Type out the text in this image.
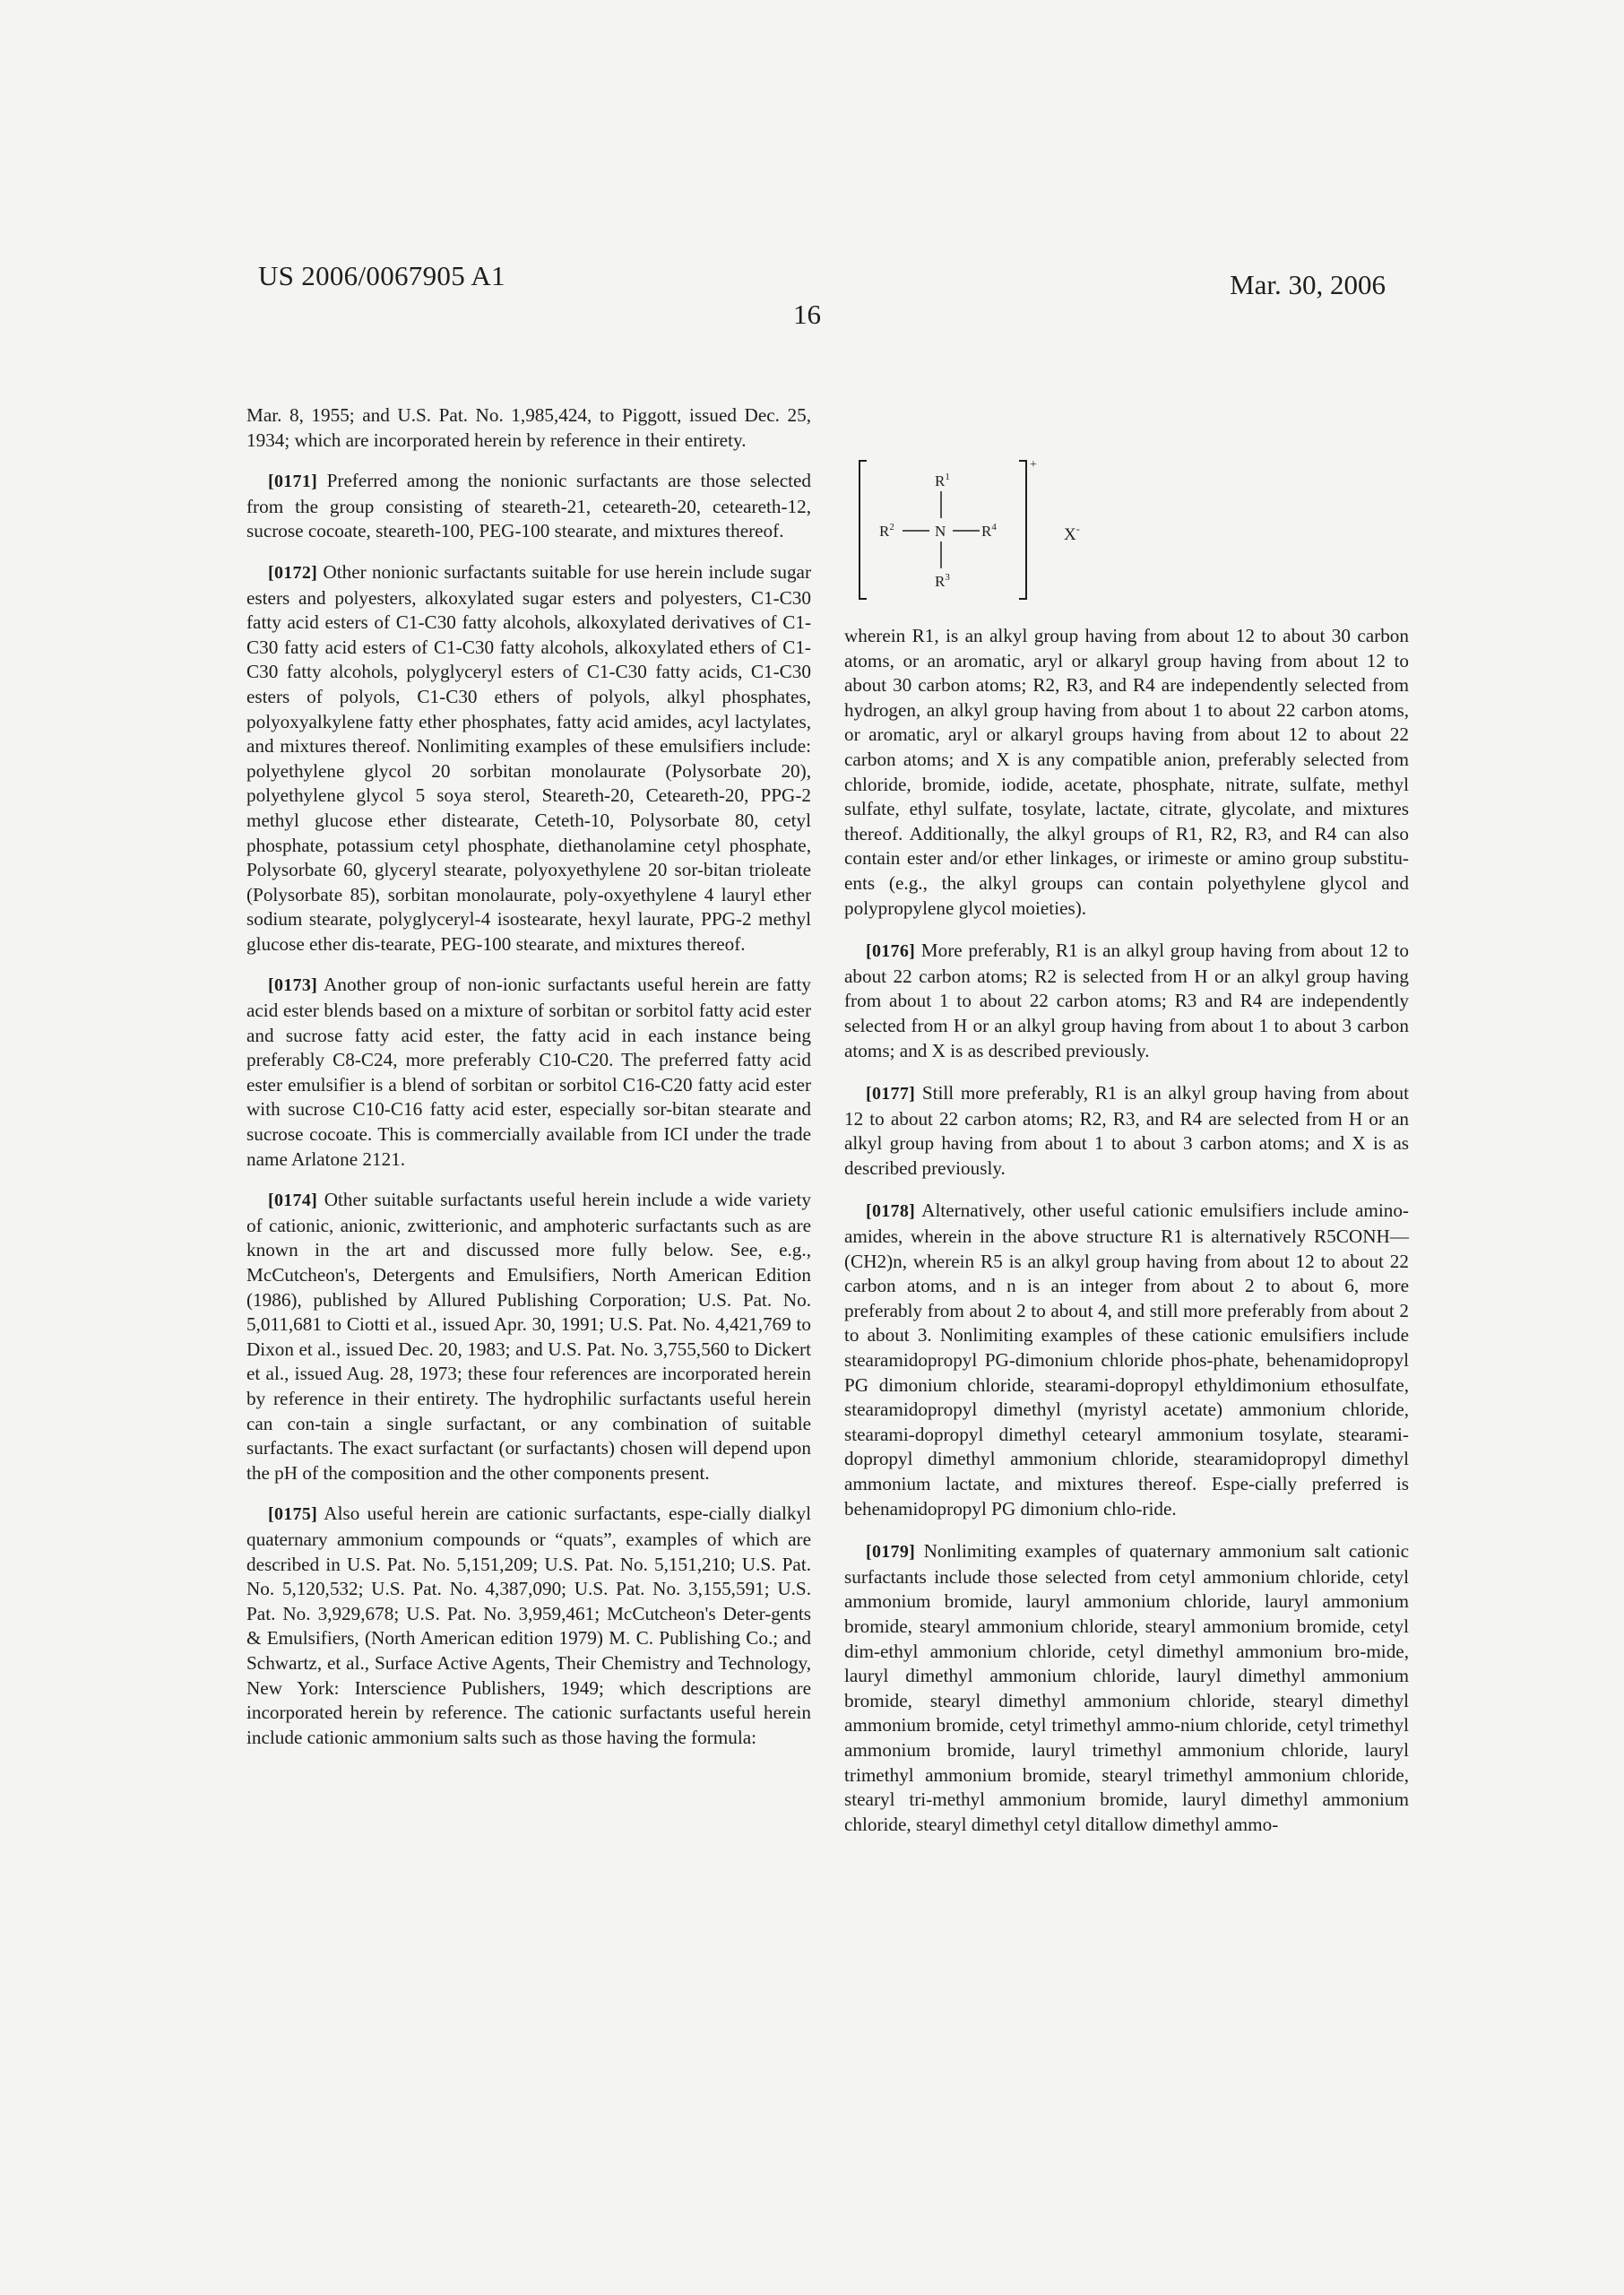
US 2006/0067905 A1	Mar. 30, 2006
16

Mar. 8, 1955; and U.S. Pat. No. 1,985,424, to Piggott, issued Dec. 25, 1934; which are incorporated herein by reference in their entirety.

[0171] Preferred among the nonionic surfactants are those selected from the group consisting of steareth-21, ceteareth-20, ceteareth-12, sucrose cocoate, steareth-100, PEG-100 stearate, and mixtures thereof.

[0172] Other nonionic surfactants suitable for use herein include sugar esters and polyesters, alkoxylated sugar esters and polyesters, C1-C30 fatty acid esters of C1-C30 fatty alcohols, alkoxylated derivatives of C1-C30 fatty acid esters of C1-C30 fatty alcohols, alkoxylated ethers of C1-C30 fatty alcohols, polyglyceryl esters of C1-C30 fatty acids, C1-C30 esters of polyols, C1-C30 ethers of polyols, alkyl phosphates, polyoxyalkylene fatty ether phosphates, fatty acid amides, acyl lactylates, and mixtures thereof. Nonlimiting examples of these emulsifiers include: polyethylene glycol 20 sorbitan monolaurate (Polysorbate 20), polyethylene glycol 5 soya sterol, Steareth-20, Ceteareth-20, PPG-2 methyl glucose ether distearate, Ceteth-10, Polysorbate 80, cetyl phosphate, potassium cetyl phosphate, diethanolamine cetyl phosphate, Polysorbate 60, glyceryl stearate, polyoxyethylene 20 sor-bitan trioleate (Polysorbate 85), sorbitan monolaurate, poly-oxyethylene 4 lauryl ether sodium stearate, polyglyceryl-4 isostearate, hexyl laurate, PPG-2 methyl glucose ether dis-tearate, PEG-100 stearate, and mixtures thereof.

[0173] Another group of non-ionic surfactants useful herein are fatty acid ester blends based on a mixture of sorbitan or sorbitol fatty acid ester and sucrose fatty acid ester, the fatty acid in each instance being preferably C8-C24, more preferably C10-C20. The preferred fatty acid ester emulsifier is a blend of sorbitan or sorbitol C16-C20 fatty acid ester with sucrose C10-C16 fatty acid ester, especially sor-bitan stearate and sucrose cocoate. This is commercially available from ICI under the trade name Arlatone 2121.

[0174] Other suitable surfactants useful herein include a wide variety of cationic, anionic, zwitterionic, and amphoteric surfactants such as are known in the art and discussed more fully below. See, e.g., McCutcheon's, Detergents and Emulsifiers, North American Edition (1986), published by Allured Publishing Corporation; U.S. Pat. No. 5,011,681 to Ciotti et al., issued Apr. 30, 1991; U.S. Pat. No. 4,421,769 to Dixon et al., issued Dec. 20, 1983; and U.S. Pat. No. 3,755,560 to Dickert et al., issued Aug. 28, 1973; these four references are incorporated herein by reference in their entirety. The hydrophilic surfactants useful herein can con-tain a single surfactant, or any combination of suitable surfactants. The exact surfactant (or surfactants) chosen will depend upon the pH of the composition and the other components present.

[0175] Also useful herein are cationic surfactants, espe-cially dialkyl quaternary ammonium compounds or “quats”, examples of which are described in U.S. Pat. No. 5,151,209; U.S. Pat. No. 5,151,210; U.S. Pat. No. 5,120,532; U.S. Pat. No. 4,387,090; U.S. Pat. No. 3,155,591; U.S. Pat. No. 3,929,678; U.S. Pat. No. 3,959,461; McCutcheon's Deter-gents & Emulsifiers, (North American edition 1979) M. C. Publishing Co.; and Schwartz, et al., Surface Active Agents, Their Chemistry and Technology, New York: Interscience Publishers, 1949; which descriptions are incorporated herein by reference. The cationic surfactants useful herein include cationic ammonium salts such as those having the formula:

$R^1$
$R^2$	N $R^4$
$R^3$
+
X-

wherein R1, is an alkyl group having from about 12 to about 30 carbon atoms, or an aromatic, aryl or alkaryl group having from about 12 to about 30 carbon atoms; R2, R3, and R4 are independently selected from hydrogen, an alkyl group having from about 1 to about 22 carbon atoms, or aromatic, aryl or alkaryl groups having from about 12 to about 22 carbon atoms; and X is any compatible anion, preferably selected from chloride, bromide, iodide, acetate, phosphate, nitrate, sulfate, methyl sulfate, ethyl sulfate, tosylate, lactate, citrate, glycolate, and mixtures thereof. Additionally, the alkyl groups of R1, R2, R3, and R4 can also contain ester and/or ether linkages, or irimeste or amino group substitu-ents (e.g., the alkyl groups can contain polyethylene glycol and polypropylene glycol moieties).

[0176] More preferably, R1 is an alkyl group having from about 12 to about 22 carbon atoms; R2 is selected from H or an alkyl group having from about 1 to about 22 carbon atoms; R3 and R4 are independently selected from H or an alkyl group having from about 1 to about 3 carbon atoms; and X is as described previously.

[0177] Still more preferably, R1 is an alkyl group having from about 12 to about 22 carbon atoms; R2, R3, and R4 are selected from H or an alkyl group having from about 1 to about 3 carbon atoms; and X is as described previously.

[0178] Alternatively, other useful cationic emulsifiers include amino-amides, wherein in the above structure R1 is alternatively R5CONH— (CH2)n, wherein R5 is an alkyl group having from about 12 to about 22 carbon atoms, and n is an integer from about 2 to about 6, more preferably from about 2 to about 4, and still more preferably from about 2 to about 3. Nonlimiting examples of these cationic emulsifiers include stearamidopropyl PG-dimonium chloride phos-phate, behenamidopropyl PG dimonium chloride, stearami-dopropyl ethyldimonium ethosulfate, stearamidopropyl dimethyl (myristyl acetate) ammonium chloride, stearami-dopropyl dimethyl cetearyl ammonium tosylate, stearami-dopropyl dimethyl ammonium chloride, stearamidopropyl dimethyl ammonium lactate, and mixtures thereof. Espe-cially preferred is behenamidopropyl PG dimonium chlo-ride.

[0179] Nonlimiting examples of quaternary ammonium salt cationic surfactants include those selected from cetyl ammonium chloride, cetyl ammonium bromide, lauryl ammonium chloride, lauryl ammonium bromide, stearyl ammonium chloride, stearyl ammonium bromide, cetyl dim-ethyl ammonium chloride, cetyl dimethyl ammonium bro-mide, lauryl dimethyl ammonium chloride, lauryl dimethyl ammonium bromide, stearyl dimethyl ammonium chloride, stearyl dimethyl ammonium bromide, cetyl trimethyl ammo-nium chloride, cetyl trimethyl ammonium bromide, lauryl trimethyl ammonium chloride, lauryl trimethyl ammonium bromide, stearyl trimethyl ammonium chloride, stearyl tri-methyl ammonium bromide, lauryl dimethyl ammonium chloride, stearyl dimethyl cetyl ditallow dimethyl ammo-
